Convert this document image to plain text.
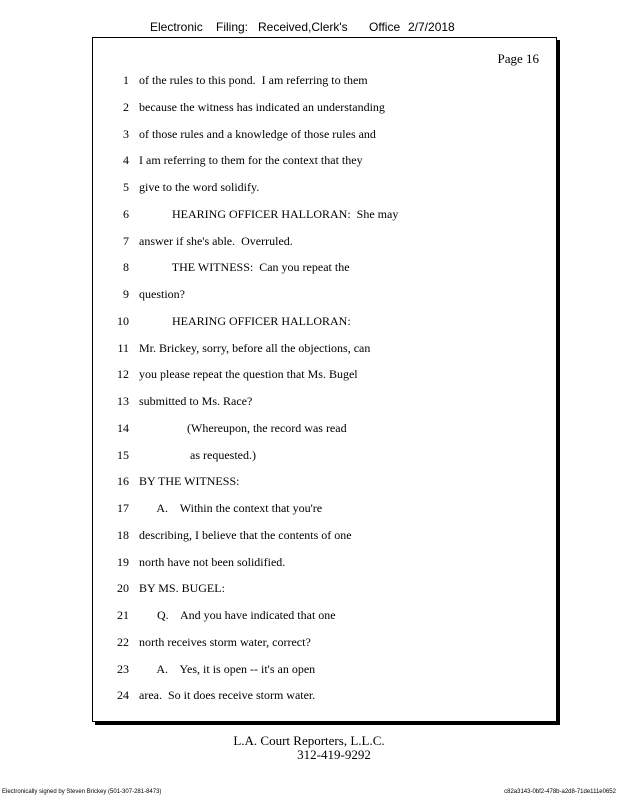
Electronic Filing: Received,Clerk's Office 2/7/2018
Page 16
1 of the rules to this pond.  I am referring to them
2 because the witness has indicated an understanding
3 of those rules and a knowledge of those rules and
4 I am referring to them for the context that they
5 give to the word solidify.
6 HEARING OFFICER HALLORAN:  She may
7 answer if she's able.  Overruled.
8 THE WITNESS:  Can you repeat the
9 question?
10 HEARING OFFICER HALLORAN:
11 Mr. Brickey, sorry, before all the objections, can
12 you please repeat the question that Ms. Bugel
13 submitted to Ms. Race?
14 (Whereupon, the record was read
15 as requested.)
16 BY THE WITNESS:
17 A.    Within the context that you're
18 describing, I believe that the contents of one
19 north have not been solidified.
20 BY MS. BUGEL:
21 Q.    And you have indicated that one
22 north receives storm water, correct?
23 A.    Yes, it is open -- it's an open
24 area.  So it does receive storm water.
L.A. Court Reporters, L.L.C.
312-419-9292
Electronically signed by Steven Brickey (501-307-281-8473)	c82a3143-0bf2-478b-a2d8-71de111e0652
